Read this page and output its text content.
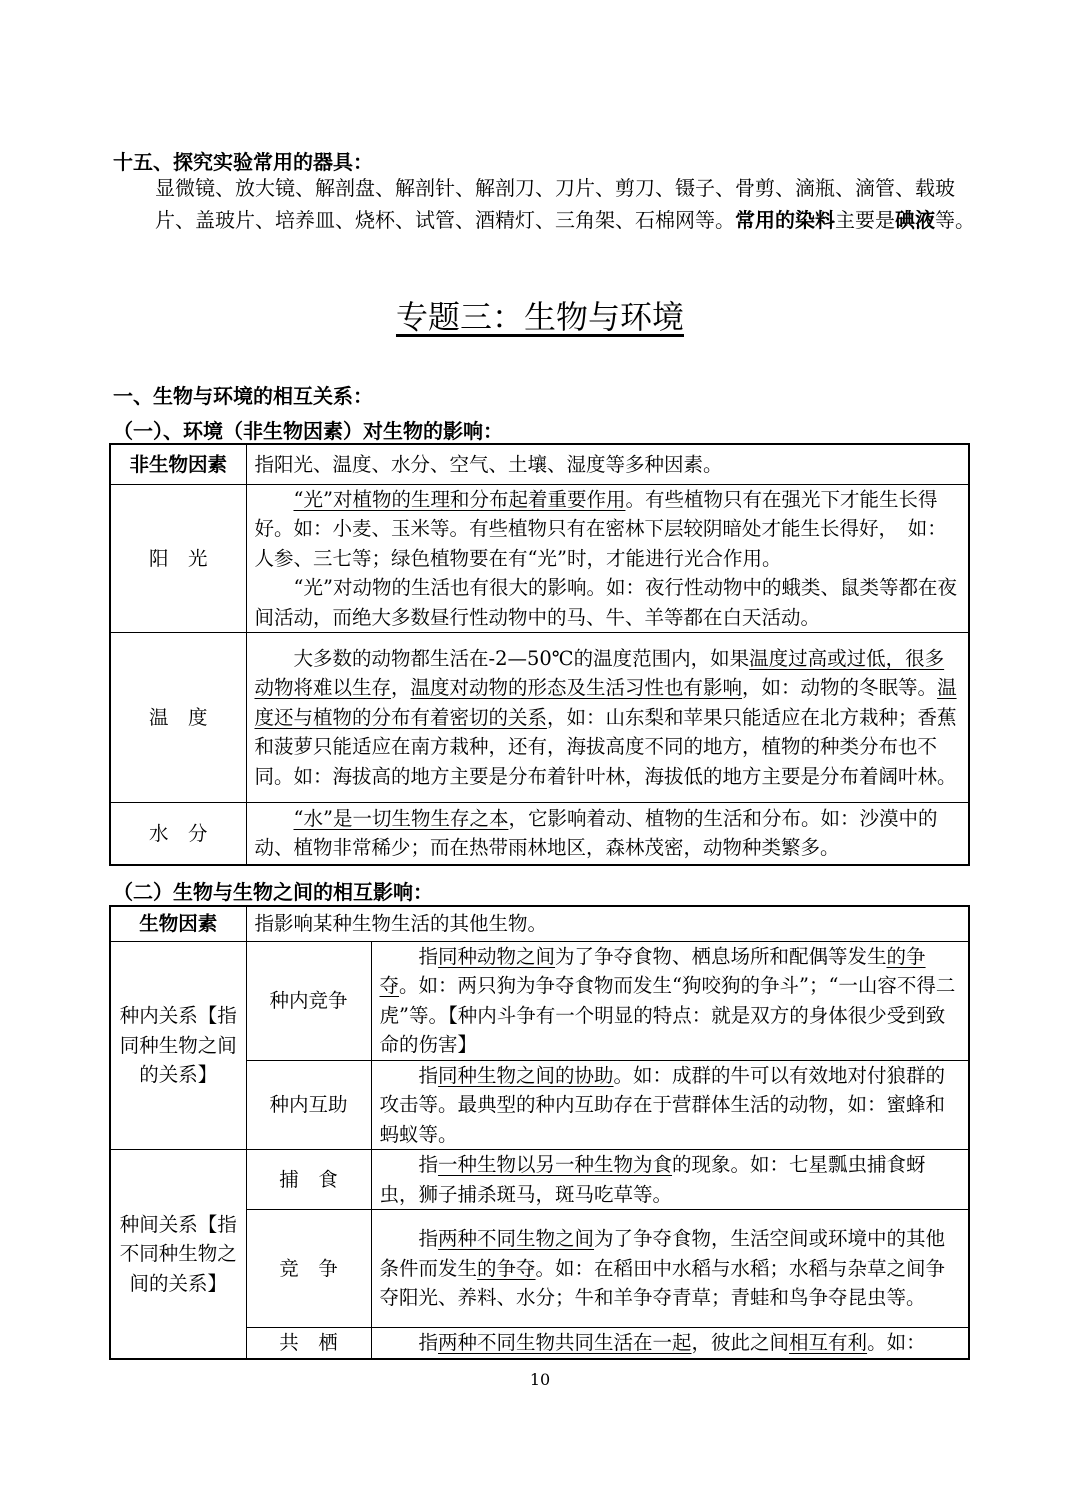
十五、探究实验常用的器具：
显微镜、放大镜、解剖盘、解剖针、解剖刀、刀片、剪刀、镊子、骨剪、滴瓶、滴管、载玻
片、盖玻片、培养皿、烧杯、试管、酒精灯、三角架、石棉网等。常用的染料主要是碘液等。
专题三：生物与环境
一、生物与环境的相互关系：
（一）、环境（非生物因素）对生物的影响：
非生物因素	指阳光、温度、水分、空气、土壤、湿度等多种因素。
阳　光	“光”对植物的生理和分布起着重要作用。有些植物只有在强光下才能生长得好。如：小麦、玉米等。有些植物只有在密林下层较阴暗处才能生长得好，　如：人参、三七等；绿色植物要在有“光”时，才能进行光合作用。
“光”对动物的生活也有很大的影响。如：夜行性动物中的蛾类、鼠类等都在夜间活动，而绝大多数昼行性动物中的马、牛、羊等都在白天活动。

温　度	大多数的动物都生活在-2—50℃的温度范围内，如果温度过高或过低，很多动物将难以生存，温度对动物的形态及生活习性也有影响，如：动物的冬眠等。温度还与植物的分布有着密切的关系，如：山东梨和苹果只能适应在北方栽种；香蕉和菠萝只能适应在南方栽种，还有，海拔高度不同的地方，植物的种类分布也不同。如：海拔高的地方主要是分布着针叶林，海拔低的地方主要是分布着阔叶林。

水　分	“水”是一切生物生存之本，它影响着动、植物的生活和分布。如：沙漠中的动、植物非常稀少；而在热带雨林地区，森林茂密，动物种类繁多。
（二）生物与生物之间的相互影响：
生物因素	指影响某种生物生活的其他生物。	
种内关系【指同种生物之间的关系】	种内竞争	指同种动物之间为了争夺食物、栖息场所和配偶等发生的争夺。如：两只狗为争夺食物而发生“狗咬狗的争斗”；“一山容不得二虎”等。【种内斗争有一个明显的特点：就是双方的身体很少受到致命的伤害】

	种内互助	指同种生物之间的协助。如：成群的牛可以有效地对付狼群的攻击等。最典型的种内互助存在于营群体生活的动物，如：蜜蜂和蚂蚁等。

种间关系【指不同种生物之间的关系】	捕　食	指一种生物以另一种生物为食的现象。如：七星瓢虫捕食蚜虫，狮子捕杀斑马，斑马吃草等。

	竞　争	指两种不同生物之间为了争夺食物，生活空间或环境中的其他条件而发生的争夺。如：在稻田中水稻与水稻；水稻与杂草之间争夺阳光、养料、水分；牛和羊争夺青草；青蛙和鸟争夺昆虫等。

	共　栖	指两种不同生物共同生活在一起，彼此之间相互有利。如：
10
